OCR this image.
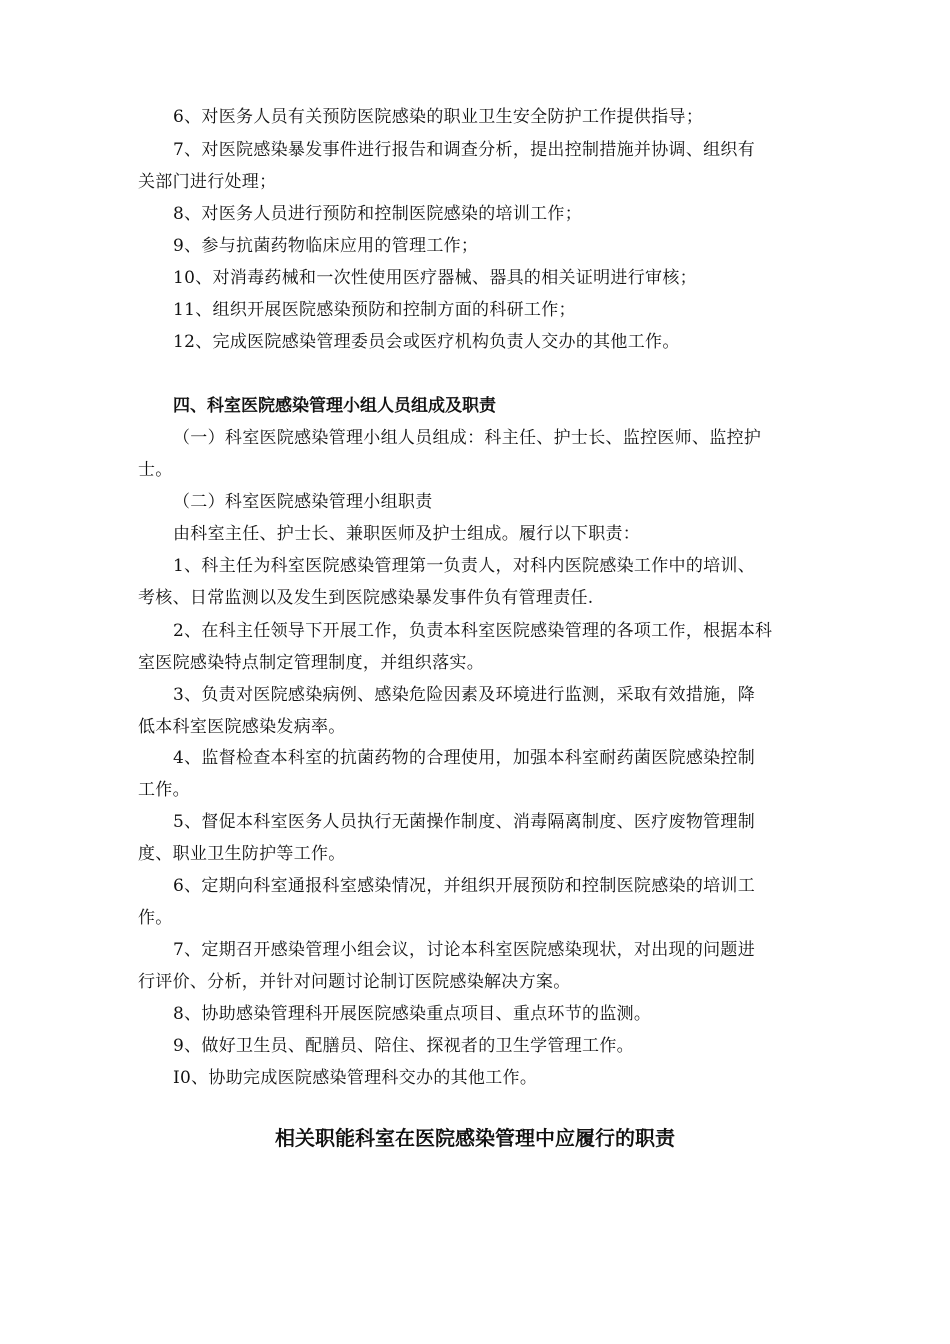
6、对医务人员有关预防医院感染的职业卫生安全防护工作提供指导；
7、对医院感染暴发事件进行报告和调查分析，提出控制措施并协调、组织有
关部门进行处理；
8、对医务人员进行预防和控制医院感染的培训工作；
9、参与抗菌药物临床应用的管理工作；
10、对消毒药械和一次性使用医疗器械、器具的相关证明进行审核；
11、组织开展医院感染预防和控制方面的科研工作；
12、完成医院感染管理委员会或医疗机构负责人交办的其他工作。
四、科室医院感染管理小组人员组成及职责
（一）科室医院感染管理小组人员组成：科主任、护士长、监控医师、监控护
士。
（二）科室医院感染管理小组职责
由科室主任、护士长、兼职医师及护士组成。履行以下职责：
1、科主任为科室医院感染管理第一负责人，对科内医院感染工作中的培训、
考核、日常监测以及发生到医院感染暴发事件负有管理责任.
2、在科主任领导下开展工作，负责本科室医院感染管理的各项工作，根据本科
室医院感染特点制定管理制度，并组织落实。
3、负责对医院感染病例、感染危险因素及环境进行监测，采取有效措施，降
低本科室医院感染发病率。
4、监督检查本科室的抗菌药物的合理使用，加强本科室耐药菌医院感染控制
工作。
5、督促本科室医务人员执行无菌操作制度、消毒隔离制度、医疗废物管理制
度、职业卫生防护等工作。
6、定期向科室通报科室感染情况，并组织开展预防和控制医院感染的培训工
作。
7、定期召开感染管理小组会议，讨论本科室医院感染现状，对出现的问题进
行评价、分析，并针对问题讨论制订医院感染解决方案。
8、协助感染管理科开展医院感染重点项目、重点环节的监测。
9、做好卫生员、配膳员、陪住、探视者的卫生学管理工作。
I0、协助完成医院感染管理科交办的其他工作。
相关职能科室在医院感染管理中应履行的职责
